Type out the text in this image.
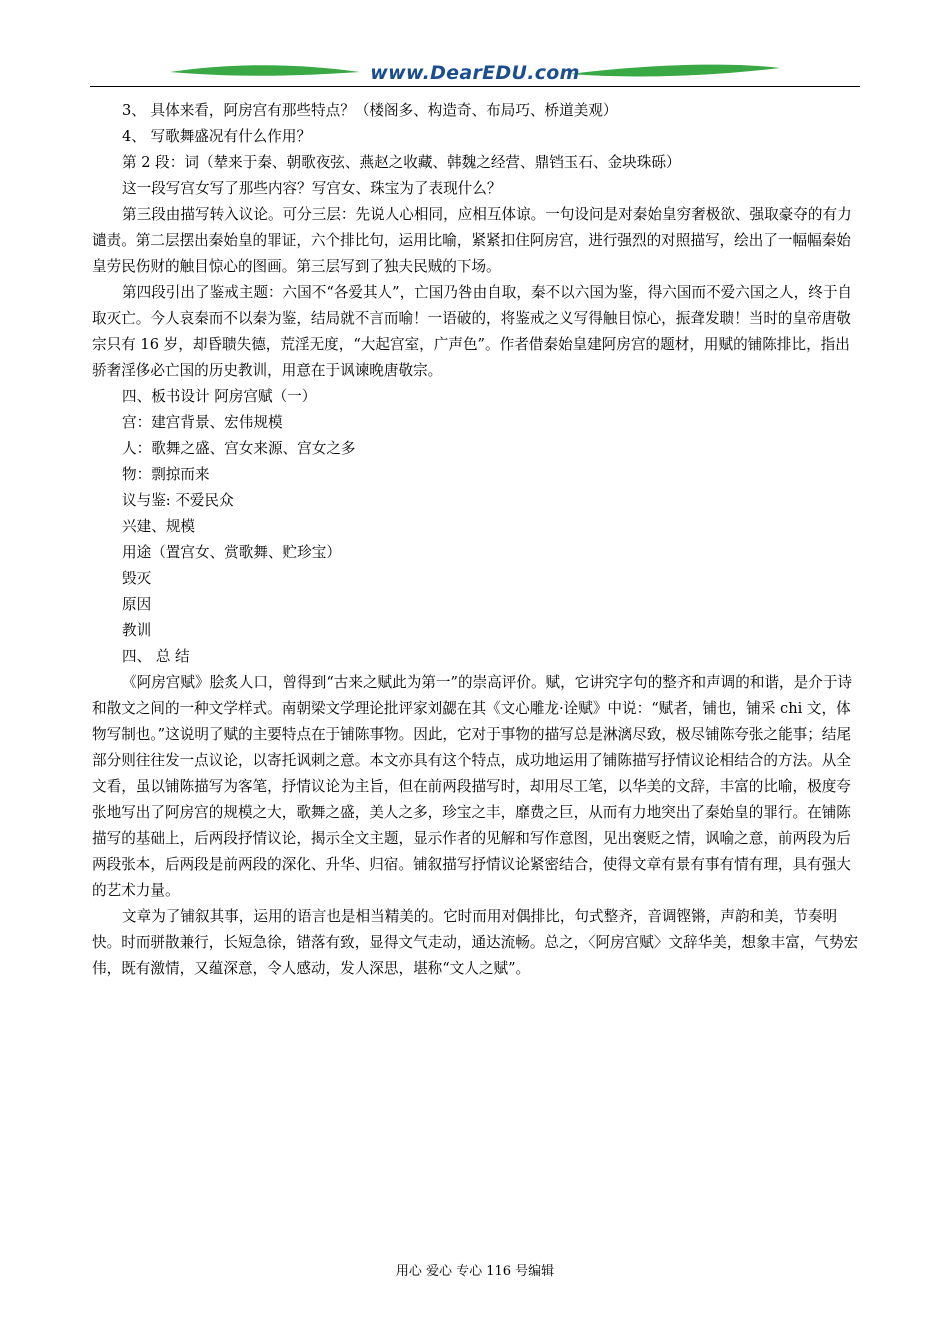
www.DearEDU.com

3、 具体来看，阿房宫有那些特点？（楼阁多、构造奇、布局巧、桥道美观）

4、 写歌舞盛况有什么作用？

第 2 段：词（辇来于秦、朝歌夜弦、燕赵之收藏、韩魏之经营、鼎铛玉石、金块珠砾）

这一段写宫女写了那些内容？写宫女、珠宝为了表现什么？

第三段由描写转入议论。可分三层：先说人心相同，应相互体谅。一句设问是对秦始皇穷奢极欲、强取豪夺的有力谴责。第二层摆出秦始皇的罪证，六个排比句，运用比喻，紧紧扣住阿房宫，进行强烈的对照描写，绘出了一幅幅秦始皇劳民伤财的触目惊心的图画。第三层写到了独夫民贼的下场。

第四段引出了鉴戒主题：六国不“各爱其人”，亡国乃咎由自取，秦不以六国为鉴，得六国而不爱六国之人，终于自取灭亡。今人哀秦而不以秦为鉴，结局就不言而喻！一语破的，将鉴戒之义写得触目惊心，振聋发聩！当时的皇帝唐敬宗只有 16 岁，却昏聩失德，荒淫无度，“大起宫室，广声色”。作者借秦始皇建阿房宫的题材，用赋的铺陈排比，指出骄奢淫侈必亡国的历史教训，用意在于讽谏晚唐敬宗。

四、板书设计 阿房宫赋（一）

宫：建宫背景、宏伟规模

人：歌舞之盛、宫女来源、宫女之多

物：剽掠而来

议与鉴: 不爱民众

兴建、规模

用途（置宫女、赏歌舞、贮珍宝）

毁灭

原因

教训

四、 总 结

《阿房宫赋》脍炙人口，曾得到“古来之赋此为第一”的崇高评价。赋，它讲究字句的整齐和声调的和谐，是介于诗和散文之间的一种文学样式。南朝梁文学理论批评家刘勰在其《文心雕龙·诠赋》中说：“赋者，铺也，铺采 chi 文，体物写制也。”这说明了赋的主要特点在于铺陈事物。因此，它对于事物的描写总是淋漓尽致，极尽铺陈夸张之能事；结尾部分则往往发一点议论，以寄托讽刺之意。本文亦具有这个特点，成功地运用了铺陈描写抒情议论相结合的方法。从全文看，虽以铺陈描写为客笔，抒情议论为主旨，但在前两段描写时，却用尽工笔，以华美的文辞，丰富的比喻，极度夸张地写出了阿房宫的规模之大，歌舞之盛，美人之多，珍宝之丰，靡费之巨，从而有力地突出了秦始皇的罪行。在铺陈描写的基础上，后两段抒情议论，揭示全文主题，显示作者的见解和写作意图，见出褒贬之情，讽喻之意，前两段为后两段张本，后两段是前两段的深化、升华、归宿。铺叙描写抒情议论紧密结合，使得文章有景有事有情有理，具有强大的艺术力量。

文章为了铺叙其事，运用的语言也是相当精美的。它时而用对偶排比，句式整齐，音调铿锵，声韵和美，节奏明快。时而骈散兼行，长短急徐，错落有致，显得文气走动，通达流畅。总之，〈阿房宫赋〉文辞华美，想象丰富，气势宏伟，既有激情，又蕴深意，令人感动，发人深思，堪称“文人之赋”。

用心 爱心 专心 116 号编辑
